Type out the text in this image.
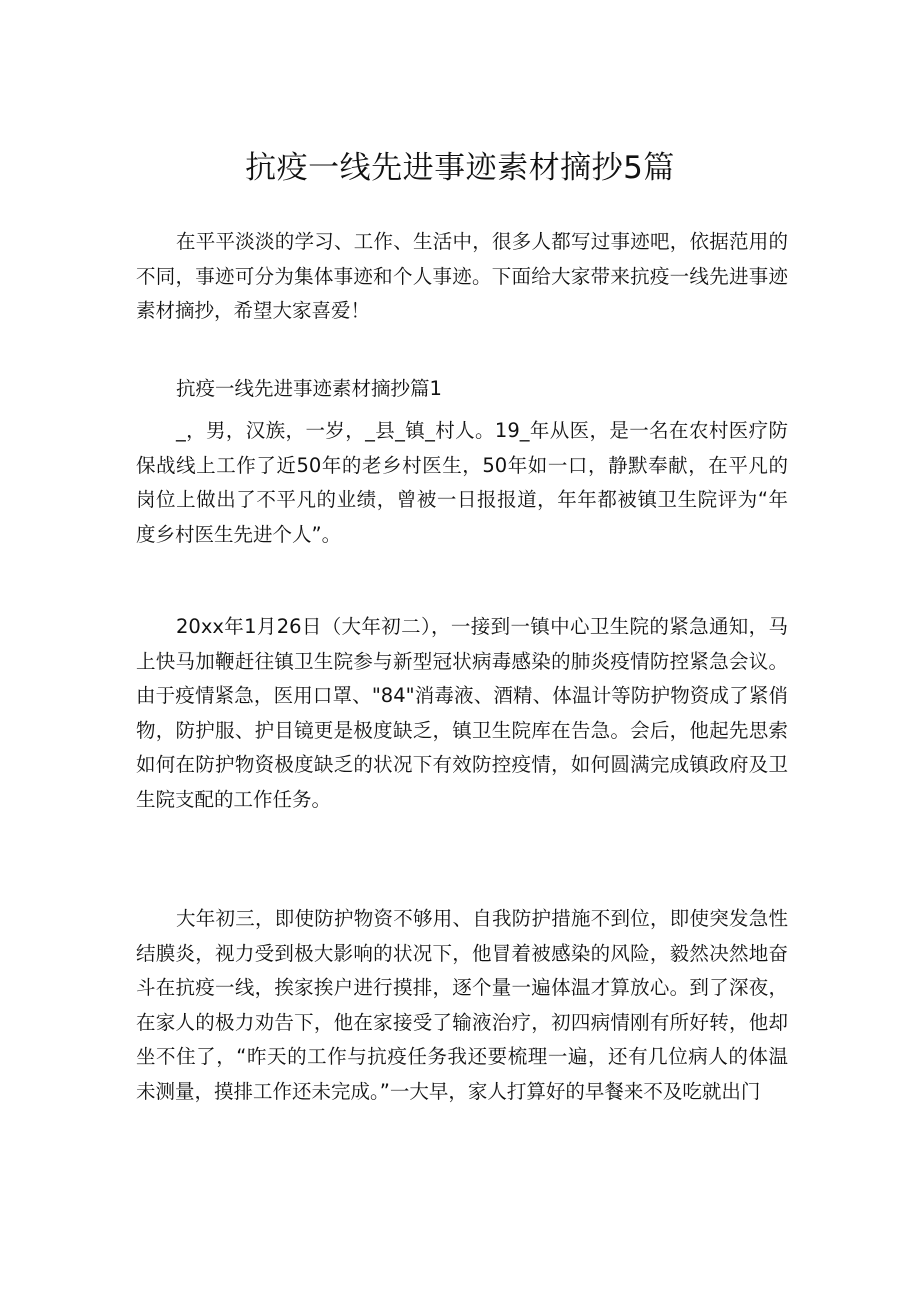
抗疫一线先进事迹素材摘抄5篇

在平平淡淡的学习、工作、生活中，很多人都写过事迹吧，依据范用的不同，事迹可分为集体事迹和个人事迹。下面给大家带来抗疫一线先进事迹素材摘抄，希望大家喜爱！

抗疫一线先进事迹素材摘抄篇1

_，男，汉族，一岁，_县_镇_村人。19_年从医，是一名在农村医疗防保战线上工作了近50年的老乡村医生，50年如一口，静默奉献，在平凡的岗位上做出了不平凡的业绩，曾被一日报报道，年年都被镇卫生院评为“年度乡村医生先进个人”。

20xx年1月26日（大年初二），一接到一镇中心卫生院的紧急通知，马上快马加鞭赶往镇卫生院参与新型冠状病毒感染的肺炎疫情防控紧急会议。由于疫情紧急，医用口罩、"84"消毒液、酒精、体温计等防护物资成了紧俏物，防护服、护目镜更是极度缺乏，镇卫生院库在告急。会后，他起先思索如何在防护物资极度缺乏的状况下有效防控疫情，如何圆满完成镇政府及卫生院支配的工作任务。

大年初三，即使防护物资不够用、自我防护措施不到位，即使突发急性结膜炎，视力受到极大影响的状况下，他冒着被感染的风险，毅然决然地奋斗在抗疫一线，挨家挨户进行摸排，逐个量一遍体温才算放心。到了深夜，在家人的极力劝告下，他在家接受了输液治疗，初四病情刚有所好转，他却坐不住了，“昨天的工作与抗疫任务我还要梳理一遍，还有几位病人的体温未测量，摸排工作还未完成。”一大早，家人打算好的早餐来不及吃就出门
